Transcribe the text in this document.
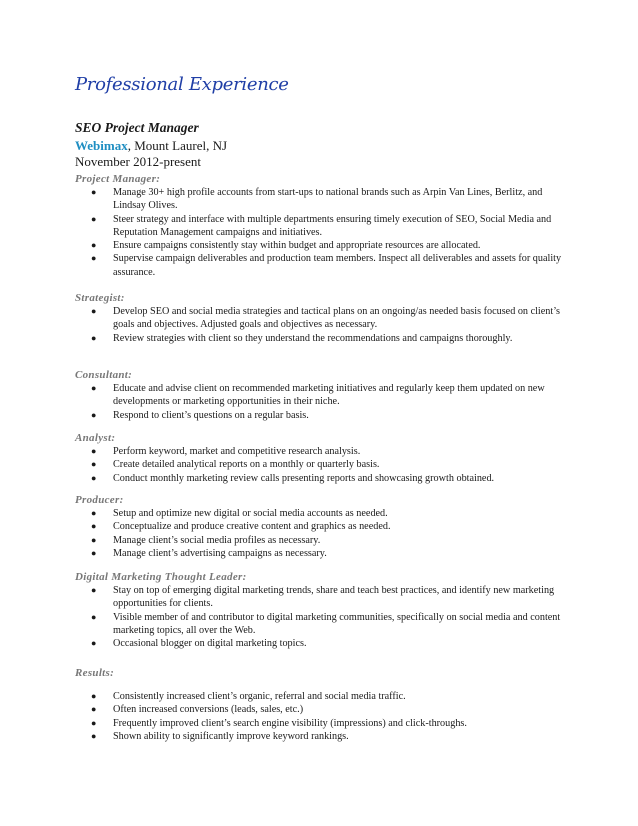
Professional Experience
SEO Project Manager
Webimax, Mount Laurel, NJ
November 2012-present
Project Manager:
● Manage 30+ high profile accounts from start-ups to national brands such as Arpin Van Lines, Berlitz, and Lindsay Olives.
● Steer strategy and interface with multiple departments ensuring timely execution of SEO, Social Media and Reputation Management campaigns and initiatives.
● Ensure campaigns consistently stay within budget and appropriate resources are allocated.
● Supervise campaign deliverables and production team members. Inspect all deliverables and assets for quality assurance.
Strategist:
● Develop SEO and social media strategies and tactical plans on an ongoing/as needed basis focused on client’s goals and objectives. Adjusted goals and objectives as necessary.
● Review strategies with client so they understand the recommendations and campaigns thoroughly.
Consultant:
● Educate and advise client on recommended marketing initiatives and regularly keep them updated on new developments or marketing opportunities in their niche.
● Respond to client’s questions on a regular basis.
Analyst:
● Perform keyword, market and competitive research analysis.
● Create detailed analytical reports on a monthly or quarterly basis.
● Conduct monthly marketing review calls presenting reports and showcasing growth obtained.
Producer:
● Setup and optimize new digital or social media accounts as needed.
● Conceptualize and produce creative content and graphics as needed.
● Manage client’s social media profiles as necessary.
● Manage client’s advertising campaigns as necessary.
Digital Marketing Thought Leader:
● Stay on top of emerging digital marketing trends, share and teach best practices, and identify new marketing opportunities for clients.
● Visible member of and contributor to digital marketing communities, specifically on social media and content marketing topics, all over the Web.
● Occasional blogger on digital marketing topics.
Results:
● Consistently increased client’s organic, referral and social media traffic.
● Often increased conversions (leads, sales, etc.)
● Frequently improved client’s search engine visibility (impressions) and click-throughs.
● Shown ability to significantly improve keyword rankings.
